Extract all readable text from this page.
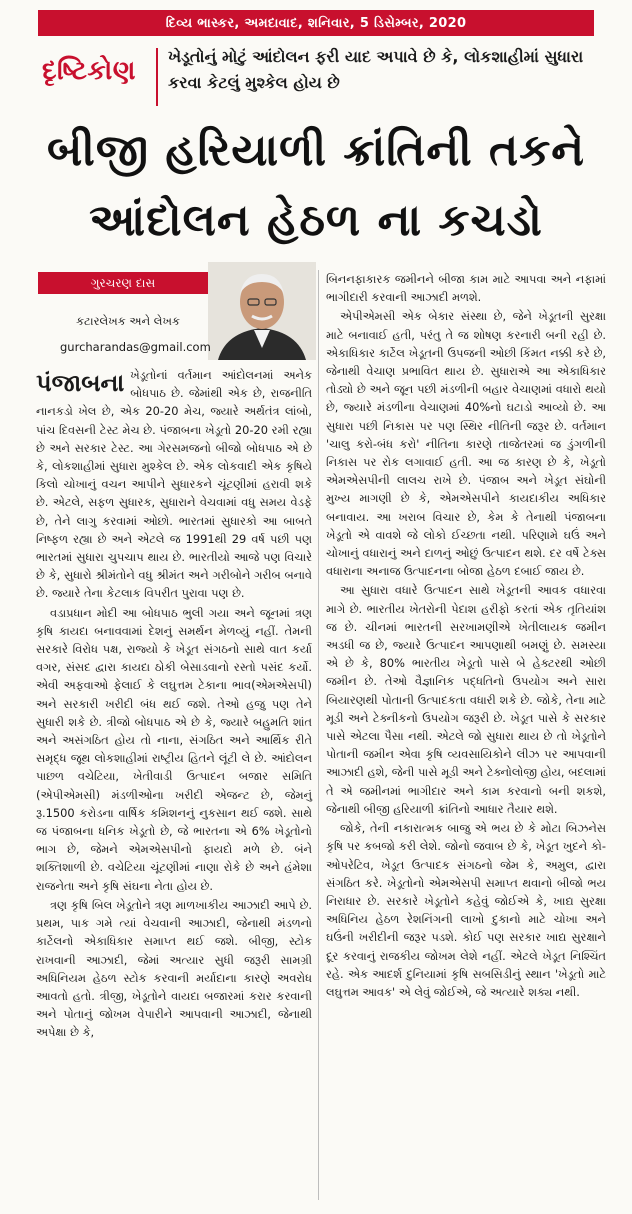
દિવ્ય ભાસ્કર, અમદાવાદ, શનિવાર, 5 ડિસેમ્બર, 2020
દૃષ્ટિકોણ ખેડૂતોનું મોટું આંદોલન ફરી યાદ અપાવે છે કે, લોકશાહીમાં સુધારા કરવા કેટલું મુશ્કેલ હોય છે
બીજી હરિયાળી ક્રાંતિની તકને આંદોલન હેઠળ ના કચડો
ગુરચરણ દાસ
કટારલેખક અને લેખક
gurcharandas@gmail.com

પંજાબના ખેડૂતોનાં વર્તમાન આંદોલનમાં અનેક બોધપાઠ છે. જેમાંથી એક છે, રાજનીતિ નાનકડો ખેલ છે, એક 20-20 મેચ, જ્યારે અર્થતંત્ર લાંબો, પાંચ દિવસની ટેસ્ટ મેચ છે. પંજાબના ખેડૂતો 20-20 રમી રહ્યા છે અને સરકાર ટેસ્ટ. આ ગેરસમજનો બીજો બોધપાઠ એ છે કે, લોકશાહીમાં સુધારા મુશ્કેલ છે. એક લોકવાદી એક કૃષિયે કિલો ચોખાનું વચન આપીને સુધારકને ચૂંટણીમાં હરાવી શકે છે. એટલે, સફળ સુધારક, સુધારાને વેચવામાં વધુ સમય વેડફે છે, તેને લાગુ કરવામાં ઓછો. ભારતમાં સુધારકો આ બાબતે નિષ્ફળ રહ્યા છે અને એટલે જ 1991થી 29 વર્ષ પછી પણ ભારતમાં સુધારા ચુપચાપ થાય છે. ભારતીયો આજે પણ વિચારે છે કે, સુધારો શ્રીમંતોને વધુ શ્રીમંત અને ગરીબોને ગરીબ બનાવે છે. જ્યારે તેના કેટલાક વિપરીત પુરાવા પણ છે.

વડાપ્રધાન મોદી આ બોધપાઠ ભુલી ગયા અને જૂનમાં ત્રણ કૃષિ કાયદા બનાવવામાં દેશનું સમર્થન મેળવ્યું નહીં. તેમની સરકારે વિરોધ પક્ષ, રાજ્યો કે ખેડૂત સંગઠનો સાથે વાત કર્યા વગર, સંસદ દ્વારા કાયદા ઠોકી બેસાડવાનો રસ્તો પસંદ કર્યો. એવી અફવાઓ ફેલાઈ કે લઘુત્તમ ટેકાના ભાવ(એમએસપી) અને સરકારી ખરીદી બંધ થઈ જશે. તેઓ હજુ પણ તેને સુધારી શકે છે. ત્રીજો બોધપાઠ એ છે કે, જ્યારે બહુમતિ શાંત અને અસંગઠિત હોય તો નાના, સંગઠિત અને આર્થિક રીતે સમૃદ્ધ જૂથ લોકશાહીમાં રાષ્ટ્રીય હિતને લૂંટી લે છે. આંદોલન પાછળ વચેટિયા, ખેતીવાડી ઉત્પાદન બજાર સમિતિ (એપીએમસી) મંડળીઓના ખરીદી એજન્ટ છે, જેમનું રૂ.1500 કરોડના વાર્ષિક કમિશનનું નુકસાન થઈ જશે. સાથે જ પંજાબના ધનિક ખેડૂતો છે, જે ભારતના એ 6% ખેડૂતોનો ભાગ છે, જેમને એમએસપીનો ફાયદો મળે છે. બંને શક્તિશાળી છે. વચેટિયા ચૂંટણીમાં નાણા રોકે છે અને હંમેશા રાજનેતા અને કૃષિ સંઘના નેતા હોય છે.

ત્રણ કૃષિ બિલ ખેડૂતોને ત્રણ માળખાકીય આઝાદી આપે છે. પ્રથમ, પાક ગમે ત્યાં વેચવાની આઝાદી, જેનાથી મંડળનો કાર્ટેલનો એકાધિકાર સમાપ્ત થઈ જશે. બીજી, સ્ટોક રાખવાની આઝાદી, જેમાં અત્યાર સુધી જરૂરી સામગ્રી અધિનિયમ હેઠળ સ્ટોક કરવાની મર્યાદાના કારણે અવરોધ આવતો હતો. ત્રીજી, ખેડૂતોને વાયદા બજારમાં કરાર કરવાની અને પોતાનું જોખમ વેપારીને આપવાની આઝાદી, જેનાથી અપેક્ષા છે કે,

બિનનફાકારક જમીનને બીજા કામ માટે આપવા અને નફામાં ભાગીદારી કરવાની આઝાદી મળશે.

એપીએમસી એક બેકાર સંસ્થા છે, જેને ખેડૂતની સુરક્ષા માટે બનાવાઈ હતી, પરંતુ તે જ શોષણ કરનારી બની રહી છે. એકાધિકાર કાર્ટેલ ખેડૂતની ઉપજની ઓછી કિંમત નક્કી કરે છે, જેનાથી વેચાણ પ્રભાવિત થાય છે. સુધારાએ આ એકાધિકાર તોડ્યો છે અને જૂન પછી મંડળીની બહાર વેચાણમાં વધારો થયો છે, જ્યારે મંડળીના વેચાણમાં 40%નો ઘટાડો આવ્યો છે. આ સુધારા પછી નિકાસ પર પણ સ્થિર નીતિની જરૂર છે. વર્તમાન 'ચાલુ કરો-બંધ કરો' નીતિના કારણે તાજેતરમાં જ ડુંગળીની નિકાસ પર રોક લગાવાઈ હતી. આ જ કારણ છે કે, ખેડૂતો એમએસપીની લાલચ રાખે છે. પંજાબ અને ખેડૂત સંઘોની મુખ્ય માગણી છે કે, એમએસપીને કાયદાકીય અધિકાર બનાવાય. આ ખરાબ વિચાર છે, કેમ કે તેનાથી પંજાબના ખેડૂતો એ વાવશે જે લોકો ઈચ્છતા નથી. પરિણામે ઘઉં અને ચોખાનું વધારાનું અને દાળનું ઓછું ઉત્પાદન થશે. દર વર્ષે ટેક્સ વધારાના અનાજ ઉત્પાદનના બોજા હેઠળ દબાઈ જાય છે.

આ સુધારા વધારે ઉત્પાદન સાથે ખેડૂતની આવક વધારવા માગે છે. ભારતીય ખેતરોની પેદાશ હરીફો કરતાં એક તૃતિયાંશ જ છે. ચીનમાં ભારતની સરખામણીએ ખેતીલાયક જમીન અડધી જ છે, જ્યારે ઉત્પાદન આપણાથી બમણું છે. સમસ્યા એ છે કે, 80% ભારતીય ખેડૂતો પાસે બે હેક્ટરથી ઓછી જમીન છે. તેઓ વૈજ્ઞાનિક પદ્ધતિનો ઉપયોગ અને સારા બિયારણથી પોતાની ઉત્પાદકતા વધારી શકે છે. જોકે, તેના માટે મૂડી અને ટેક્નીકનો ઉપયોગ જરૂરી છે. ખેડૂત પાસે કે સરકાર પાસે એટલા પૈસા નથી. એટલે જો સુધારા થાય છે તો ખેડૂતોને પોતાની જમીન એવા કૃષિ વ્યવસાયિકોને લીઝ પર આપવાની આઝાદી હશે, જેની પાસે મૂડી અને ટેક્નોલોજી હોય, બદલામાં તે એ જમીનમાં ભાગીદાર અને કામ કરવાનો બની શકશે, જેનાથી બીજી હરિયાળી ક્રાંતિનો આધાર તૈયાર થશે.

જોકે, તેની નકારાત્મક બાજુ એ ભય છે કે મોટા બિઝનેસ કૃષિ પર કબજો કરી લેશે. જોનો જવાબ છે કે, ખેડૂત ખુદને કો-ઓપરેટિવ, ખેડૂત ઉત્પાદક સંગઠનો જેમ કે, અમુલ, દ્વારા સંગઠિત કરે. ખેડૂતોનો એમએસપી સમાપ્ત થવાનો બીજો ભય નિરાધાર છે. સરકારે ખેડૂતોને કહેવું જોઈએ કે, ખાદ્ય સુરક્ષા અધિનિય હેઠળ રેશનિંગની લાખો દુકાનો માટે ચોખા અને ઘઉંની ખરીદીની જરૂર પડશે. કોઈ પણ સરકાર ખાદ્ય સુરક્ષાને દૂર કરવાનું રાજકીય જોખમ લેશે નહીં. એટલે ખેડૂત નિશ્ચિંત રહે. એક આદર્શ દુનિયામાં કૃષિ સબસિડીનું સ્થાન 'ખેડૂતો માટે લઘુત્તમ આવક' એ લેવું જોઈએ, જે અત્યારે શક્ય નથી.
